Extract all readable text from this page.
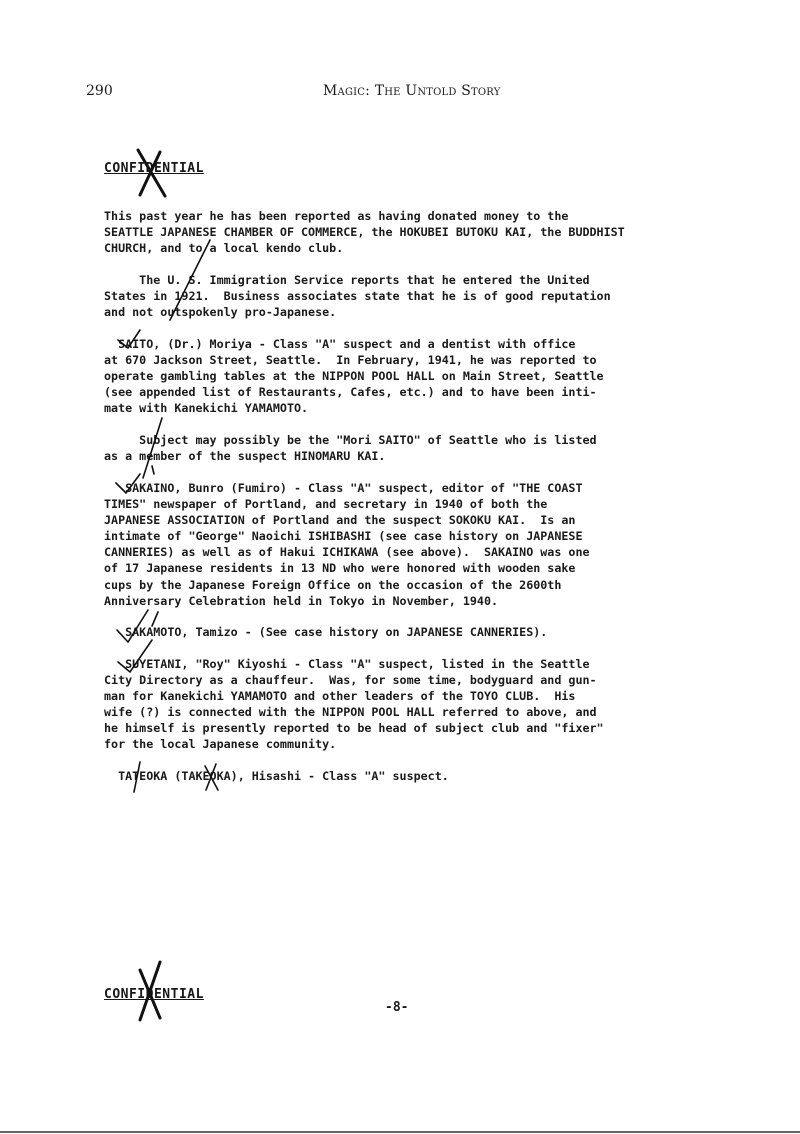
290	Magic: The Untold Story
CONFIDENTIAL

This past year he has been reported as having donated money to the
SEATTLE JAPANESE CHAMBER OF COMMERCE, the HOKUBEI BUTOKU KAI, the BUDDHIST
CHURCH, and to a local kendo club.

The U. S. Immigration Service reports that he entered the United
States in 1921.  Business associates state that he is of good reputation
and not outspokenly pro-Japanese.

SAITO, (Dr.) Moriya - Class "A" suspect and a dentist with office
at 670 Jackson Street, Seattle.  In February, 1941, he was reported to
operate gambling tables at the NIPPON POOL HALL on Main Street, Seattle
(see appended list of Restaurants, Cafes, etc.) and to have been inti-
mate with Kanekichi YAMAMOTO.

Subject may possibly be the "Mori SAITO" of Seattle who is listed
as a member of the suspect HINOMARU KAI.

SAKAINO, Bunro (Fumiro) - Class "A" suspect, editor of "THE COAST
TIMES" newspaper of Portland, and secretary in 1940 of both the
JAPANESE ASSOCIATION of Portland and the suspect SOKOKU KAI.  Is an
intimate of "George" Naoichi ISHIBASHI (see case history on JAPANESE
CANNERIES) as well as of Hakui ICHIKAWA (see above).  SAKAINO was one
of 17 Japanese residents in 13 ND who were honored with wooden sake
cups by the Japanese Foreign Office on the occasion of the 2600th
Anniversary Celebration held in Tokyo in November, 1940.

SAKAMOTO, Tamizo - (See case history on JAPANESE CANNERIES).

SUYETANI, "Roy" Kiyoshi - Class "A" suspect, listed in the Seattle
City Directory as a chauffeur.  Was, for some time, bodyguard and gun-
man for Kanekichi YAMAMOTO and other leaders of the TOYO CLUB.  His
wife (?) is connected with the NIPPON POOL HALL referred to above, and
he himself is presently reported to be head of subject club and "fixer"
for the local Japanese community.

TATEOKA (TAKEOKA), Hisashi - Class "A" suspect.

CONFIDENTIAL
-8-
